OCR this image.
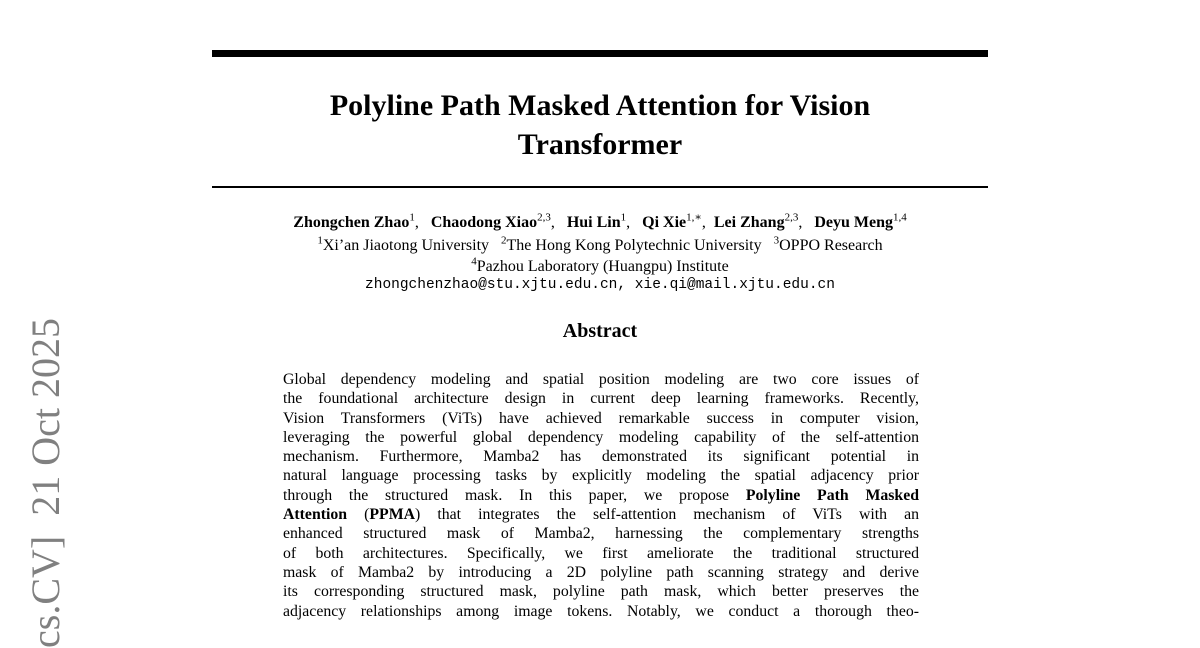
Polyline Path Masked Attention for Vision
Transformer
Zhongchen Zhao$^1$,   Chaodong Xiao$^{2,3}$,   Hui Lin$^1$,   Qi Xie$^{1,∗}$,  Lei Zhang$^{2,3}$,   Deyu Meng$^{1,4}$
$^1$Xi’an Jiaotong University $^2$The Hong Kong Polytechnic University $^3$OPPO Research
$^4$Pazhou Laboratory (Huangpu) Institute
zhongchenzhao@stu.xjtu.edu.cn, xie.qi@mail.xjtu.edu.cn
Abstract
Global dependency modeling and spatial position modeling are two core issues of
the foundational architecture design in current deep learning frameworks. Recently,
Vision Transformers (ViTs) have achieved remarkable success in computer vision,
leveraging the powerful global dependency modeling capability of the self-attention
mechanism. Furthermore, Mamba2 has demonstrated its significant potential in
natural language processing tasks by explicitly modeling the spatial adjacency prior
through the structured mask. In this paper, we propose Polyline Path Masked
Attention (PPMA) that integrates the self-attention mechanism of ViTs with an
enhanced structured mask of Mamba2, harnessing the complementary strengths
of both architectures. Specifically, we first ameliorate the traditional structured
mask of Mamba2 by introducing a 2D polyline path scanning strategy and derive
its corresponding structured mask, polyline path mask, which better preserves the
adjacency relationships among image tokens. Notably, we conduct a thorough theo-
cs.CV]  21 Oct 2025
